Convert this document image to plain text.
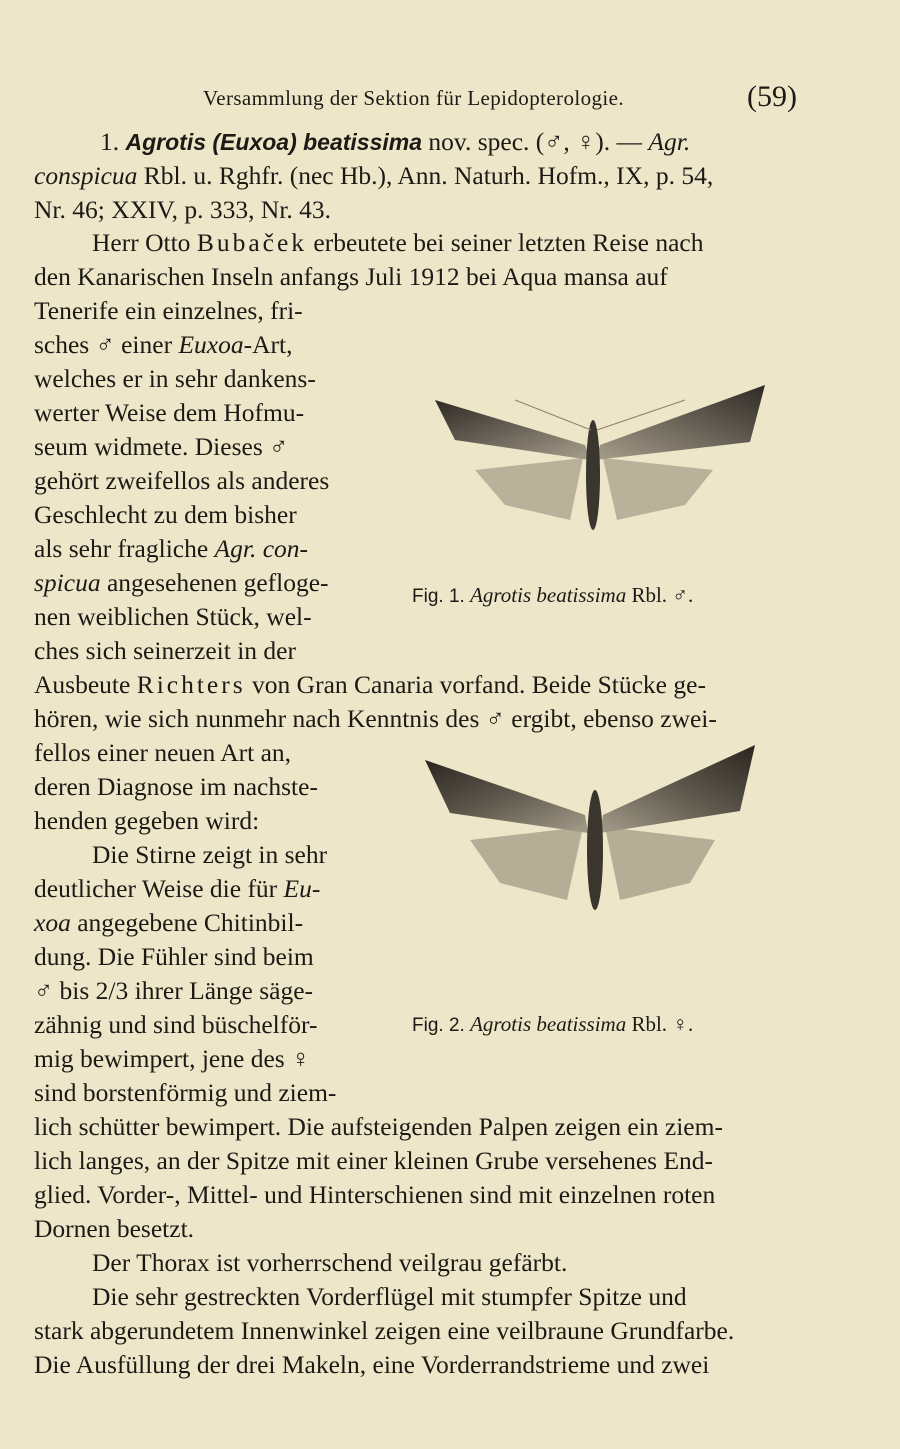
Versammlung der Sektion für Lepidopterologie.	(59)
1. Agrotis (Euxoa) beatissima nov. spec. (♂, ♀). — Agr.
conspicua Rbl. u. Rghfr. (nec Hb.), Ann. Naturh. Hofm., IX, p. 54,
Nr. 46; XXIV, p. 333, Nr. 43.
Herr Otto Bubaček erbeutete bei seiner letzten Reise nach
den Kanarischen Inseln anfangs Juli 1912 bei Aqua mansa auf
Tenerife ein einzelnes, fri-
sches ♂ einer Euxoa-Art,
welches er in sehr dankens-
werter Weise dem Hofmu-
seum widmete. Dieses ♂
gehört zweifellos als anderes
Geschlecht zu dem bisher
als sehr fragliche Agr. con-
spicua angesehenen gefloge-
nen weiblichen Stück, wel-
ches sich seinerzeit in der
Ausbeute Richters von Gran Canaria vorfand. Beide Stücke ge-
hören, wie sich nunmehr nach Kenntnis des ♂ ergibt, ebenso zwei-
fellos einer neuen Art an,
deren Diagnose im nachste-
henden gegeben wird:
Die Stirne zeigt in sehr
deutlicher Weise die für Eu-
xoa angegebene Chitinbil-
dung. Die Fühler sind beim
♂ bis 2/3 ihrer Länge säge-
zähnig und sind büschelför-
mig bewimpert, jene des ♀
sind borstenförmig und ziem-
lich schütter bewimpert. Die aufsteigenden Palpen zeigen ein ziem-
lich langes, an der Spitze mit einer kleinen Grube versehenes End-
glied. Vorder-, Mittel- und Hinterschienen sind mit einzelnen roten
Dornen besetzt.
Der Thorax ist vorherrschend veilgrau gefärbt.
Die sehr gestreckten Vorderflügel mit stumpfer Spitze und
stark abgerundetem Innenwinkel zeigen eine veilbraune Grundfarbe.
Die Ausfüllung der drei Makeln, eine Vorderrandstrieme und zwei
Fig. 1. Agrotis beatissima Rbl. ♂.
Fig. 2. Agrotis beatissima Rbl. ♀.
